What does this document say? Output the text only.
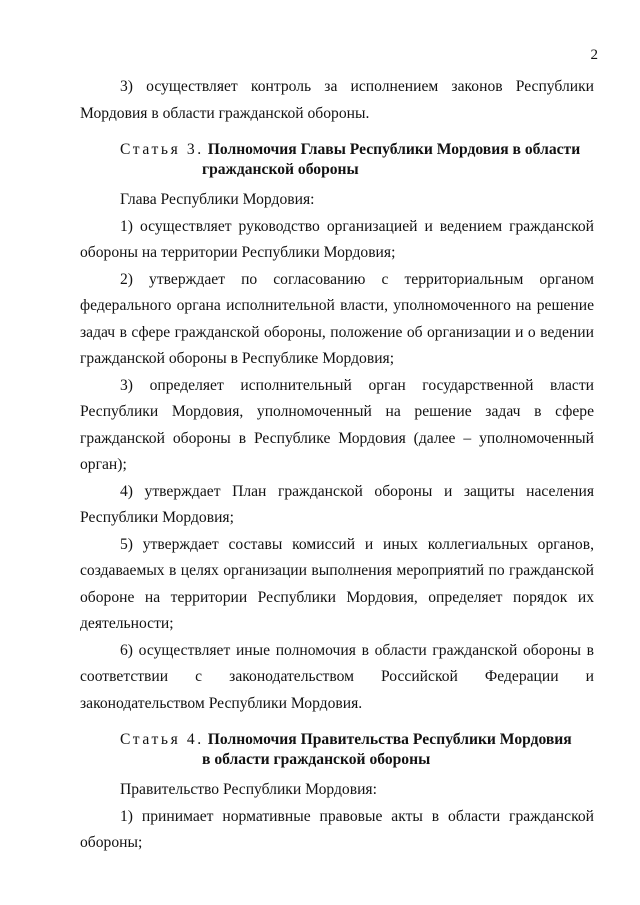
2

3) осуществляет контроль за исполнением законов Республики Мордовия в области гражданской обороны.

Статья 3. Полномочия Главы Республики Мордовия в области
гражданской обороны

Глава Республики Мордовия:

1) осуществляет руководство организацией и ведением гражданской обороны на территории Республики Мордовия;

2) утверждает по согласованию с территориальным органом федерального органа исполнительной власти, уполномоченного на решение задач в сфере гражданской обороны, положение об организации и о ведении гражданской обороны в Республике Мордовия;

3) определяет исполнительный орган государственной власти Республики Мордовия, уполномоченный на решение задач в сфере гражданской обороны в Республике Мордовия (далее – уполномоченный орган);

4) утверждает План гражданской обороны и защиты населения Республики Мордовия;

5) утверждает составы комиссий и иных коллегиальных органов, создаваемых в целях организации выполнения мероприятий по гражданской обороне на территории Республики Мордовия, определяет порядок их деятельности;

6) осуществляет иные полномочия в области гражданской обороны в соответствии с законодательством Российской Федерации и законодательством Республики Мордовия.

Статья 4. Полномочия Правительства Республики Мордовия
в области гражданской обороны

Правительство Республики Мордовия:

1) принимает нормативные правовые акты в области гражданской обороны;
